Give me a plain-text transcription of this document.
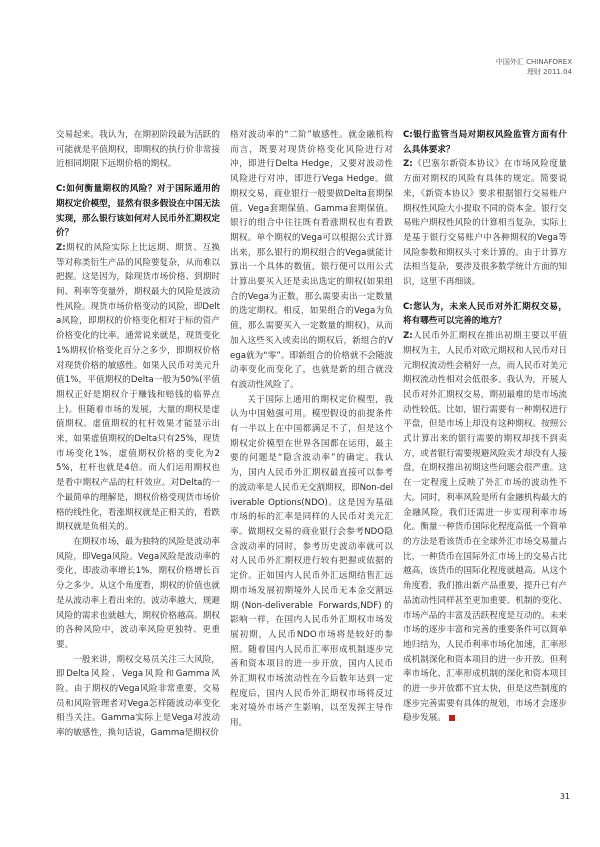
中国外汇 CHINAFOREX
理财 2011.04

交易起来。我认为，在期初阶段最为活跃的可能就是平值期权，即期权的执行价非常接近相同期限下远期价格的期权。

C:如何衡量期权的风险？对于国际通用的期权定价模型，显然有很多假设在中国无法实现，那么银行该如何对人民币外汇期权定价？

Z:期权的风险实际上比远期、期货、互换等对称类衍生产品的风险要复杂，从而难以把握。这是因为，除现货市场价格、到期时间、利率等变量外，期权最大的风险是波动性风险。现货市场价格变动的风险，即Delta风险，即期权的价格变化相对于标的资产价格变化的比率。通常说来就是，现货变化1%期权价格变化百分之多少，即期权价格对现货价格的敏感性。如果人民币对美元升值1%，平值期权的Delta一般为50%(平值期权正好是期权介于赚钱和赔钱的临界点上)。但随着市场的发展，大量的期权是虚值期权。虚值期权的杠杆效果才能显示出来，如果虚值期权的Delta只有25%，现货市场变化1%，虚值期权价格的变化为25%，杠杆也就是4倍。而人们运用期权也是看中期权产品的杠杆效应。对Delta的一个最简单的理解是，期权价格受现货市场价格的线性化，看涨期权就是正相关的，看跌期权就是负相关的。

在期权市场，最为独特的风险是波动率风险，即Vega风险。Vega风险是波动率的变化，即波动率增长1%，期权价格增长百分之多少。从这个角度看，期权的价值也就是从波动率上看出来的。波动率越大，规避风险的需求也就越大，期权价格越高。期权的各种风险中，波动率风险更独特、更重要。

一般来讲，期权交易员关注三大风险，即Delta风险、Vega风险和Gamma风险。由于期权的Vega风险非常重要，交易员和风险管理者对Vega怎样随波动率变化相当关注。Gamma实际上是Vega对波动率的敏感性，换句话说，Gamma是期权价

格对波动率的“二阶”敏感性。就金融机构而言，既要对现货价格变化风险进行对冲，即进行Delta Hedge，又要对波动性风险进行对冲，即进行Vega Hedge。做期权交易，商业银行一般要做Delta套期保值、Vega套期保值、Gamma套期保值。银行的组合中往往既有看涨期权也有看跌期权。单个期权的Vega可以根据公式计算出来，那么银行的期权组合的Vega就能计算出一个具体的数值，银行便可以用公式计算出要买入还是卖出选定的期权(如果组合的Vega为正数，那么需要卖出一定数量的选定期权。相反，如果组合的Vega为负值，那么需要买入一定数量的期权)，从而加入这些买入或卖出的期权后，新组合的Vega就为“零”。即新组合的价格就不会随波动率变化而变化了，也就是新的组合就没有波动性风险了。

关于国际上通用的期权定价模型，我认为中国勉强可用。模型假设的前提条件有一半以上在中国都满足不了，但是这个期权定价模型在世界各国都在运用，最主要的问题是“隐含波动率”的确定。我认为，国内人民币外汇期权最直接可以参考的波动率是人民币无交割期权，即Non-deliverable Options(NDO)。这是因为基础市场的标的汇率是同样的人民币对美元汇率。做期权交易的商业银行会参考NDO隐含波动率的同时，参考历史波动率就可以对人民币外汇期权进行较有把握或依据的定价。正如国内人民币外汇远期结售汇远期市场发展初期境外人民币无本金交割远期(Non-deliverable Forwards,NDF)的影响一样，在国内人民币外汇期权市场发展初期，人民币NDO市场将是较好的参照。随着国内人民币汇率形成机制逐步完善和资本项目的进一步开放，国内人民币外汇期权市场流动性在今后数年达到一定程度后，国内人民币外汇期权市场将反过来对境外市场产生影响，以至发挥主导作用。

C:银行监管当局对期权风险监管方面有什么具体要求？

Z:《巴塞尔新资本协议》在市场风险度量方面对期权的风险有具体的规定。简要说来，《新资本协议》要求根据银行交易账户期权性风险大小提取不同的资本金。银行交易账户期权性风险的计算相当复杂，实际上是基于银行交易账户中各种期权的Vega等风险参数和期权头寸来计算的。由于计算方法相当复杂，要涉及很多数学统计方面的知识，这里不再细谈。

C:您认为，未来人民币对外汇期权交易，将有哪些可以完善的地方？

Z:人民币外汇期权在推出初期主要以平值期权为主，人民币对欧元期权和人民币对日元期权流动性会稍好一点，而人民币对美元期权流动性相对会低很多。我认为，开展人民币对外汇期权交易，期初最难的是市场流动性较低。比如，银行需要有一种期权进行平盘，但是市场上却没有这种期权。按照公式计算出来的银行需要的期权却找不到卖方，或者银行需要规避风险卖才却没有人接盘，在期权推出初期这些问题会很严重。这在一定程度上反映了外汇市场的波动性不大。同时，利率风险是所有金融机构最大的金融风险，我们还需进一步实现利率市场化。衡量一种货币国际化程度高低一个简单的方法是看该货币在全球外汇市场交易量占比，一种货币在国际外汇市场上的交易占比越高，该货币的国际化程度就越高。从这个角度看，我们推出新产品重要，提升已有产品流动性同样甚至更加重要。机制的变化、市场产品的丰富及活跃程度是互动的。未来市场的逐步丰富和完善的重要条件可以简单地归结为，人民币利率市场化加速，汇率形成机制深化和资本项目的进一步开放。但利率市场化、汇率形成机制的深化和资本项目的进一步开放都不宜太快，但是这些制度的逐步完善需要有具体的规划，市场才会逐步稳步发展。

31
